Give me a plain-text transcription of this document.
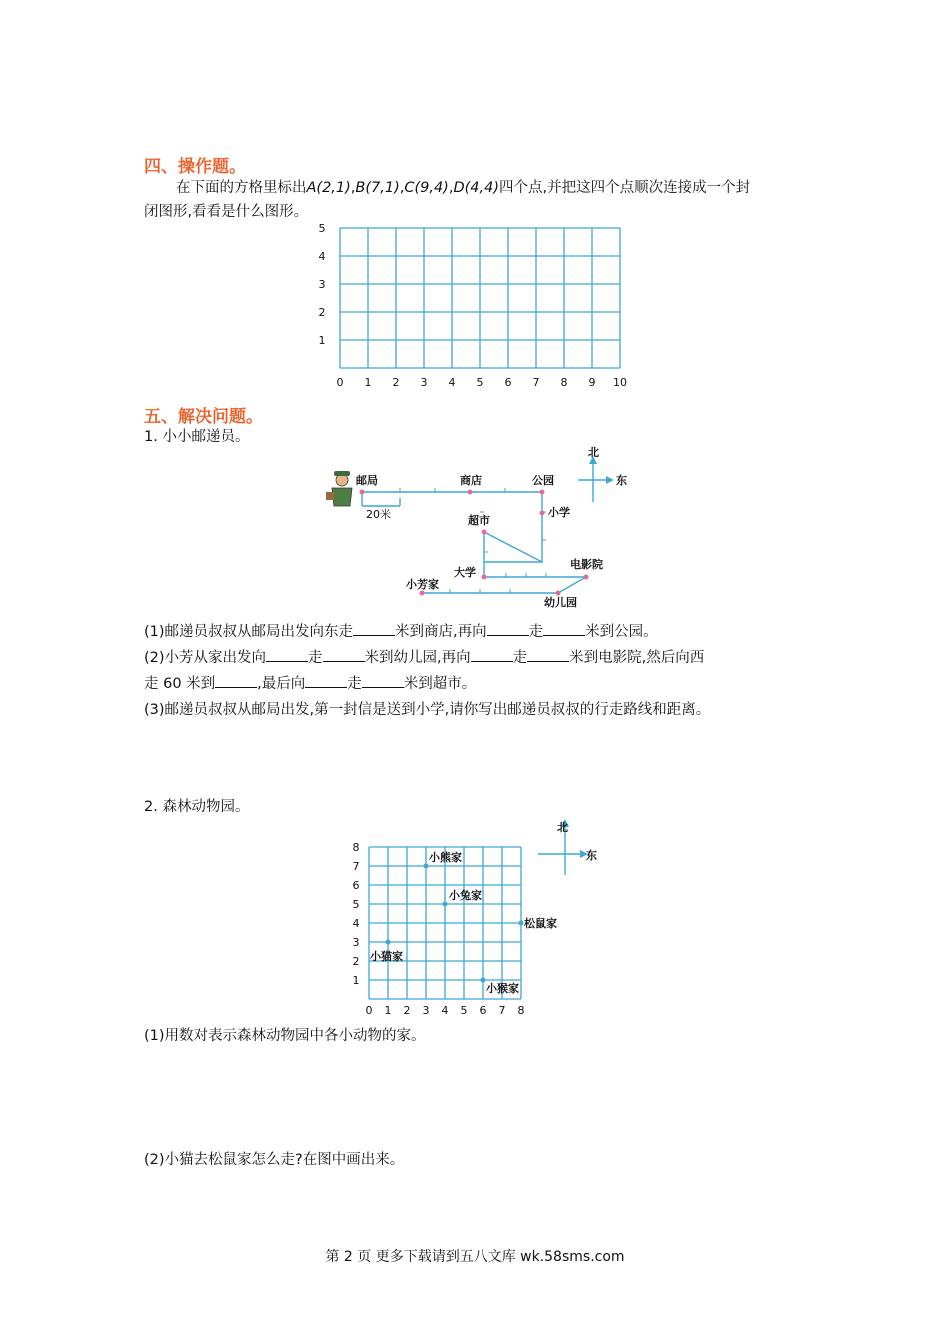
四、操作题。
在下面的方格里标出A(2,1),B(7,1),C(9,4),D(4,4)四个点,并把这四个点顺次连接成一个封
闭图形,看看是什么图形。
0 1 2 3 4 5 6 7 8 9 10
1
2
3
4
5
五、解决问题。
1. 小小邮递员。
邮局	商店	公园
小学
超市
大学
电影院
小芳家
幼儿园
北
东
20米
(1)邮递员叔叔从邮局出发向东走	米到商店,再向	走	米到公园。
(2)小芳从家出发向	走	米到幼儿园,再向	走	米到电影院,然后向西
走 60 米到	,最后向	走	米到超市。
(3)邮递员叔叔从邮局出发,第一封信是送到小学,请你写出邮递员叔叔的行走路线和距离。
2. 森林动物园。
0 1 2 3 4 5 6 7 8
1
2
3
4
5
6
7
8
北
东
小熊家
小兔家
松鼠家
小猫家
小猴家
(1)用数对表示森林动物园中各小动物的家。
(2)小猫去松鼠家怎么走?在图中画出来。
第 2 页 更多下载请到五八文库 wk.58sms.com
